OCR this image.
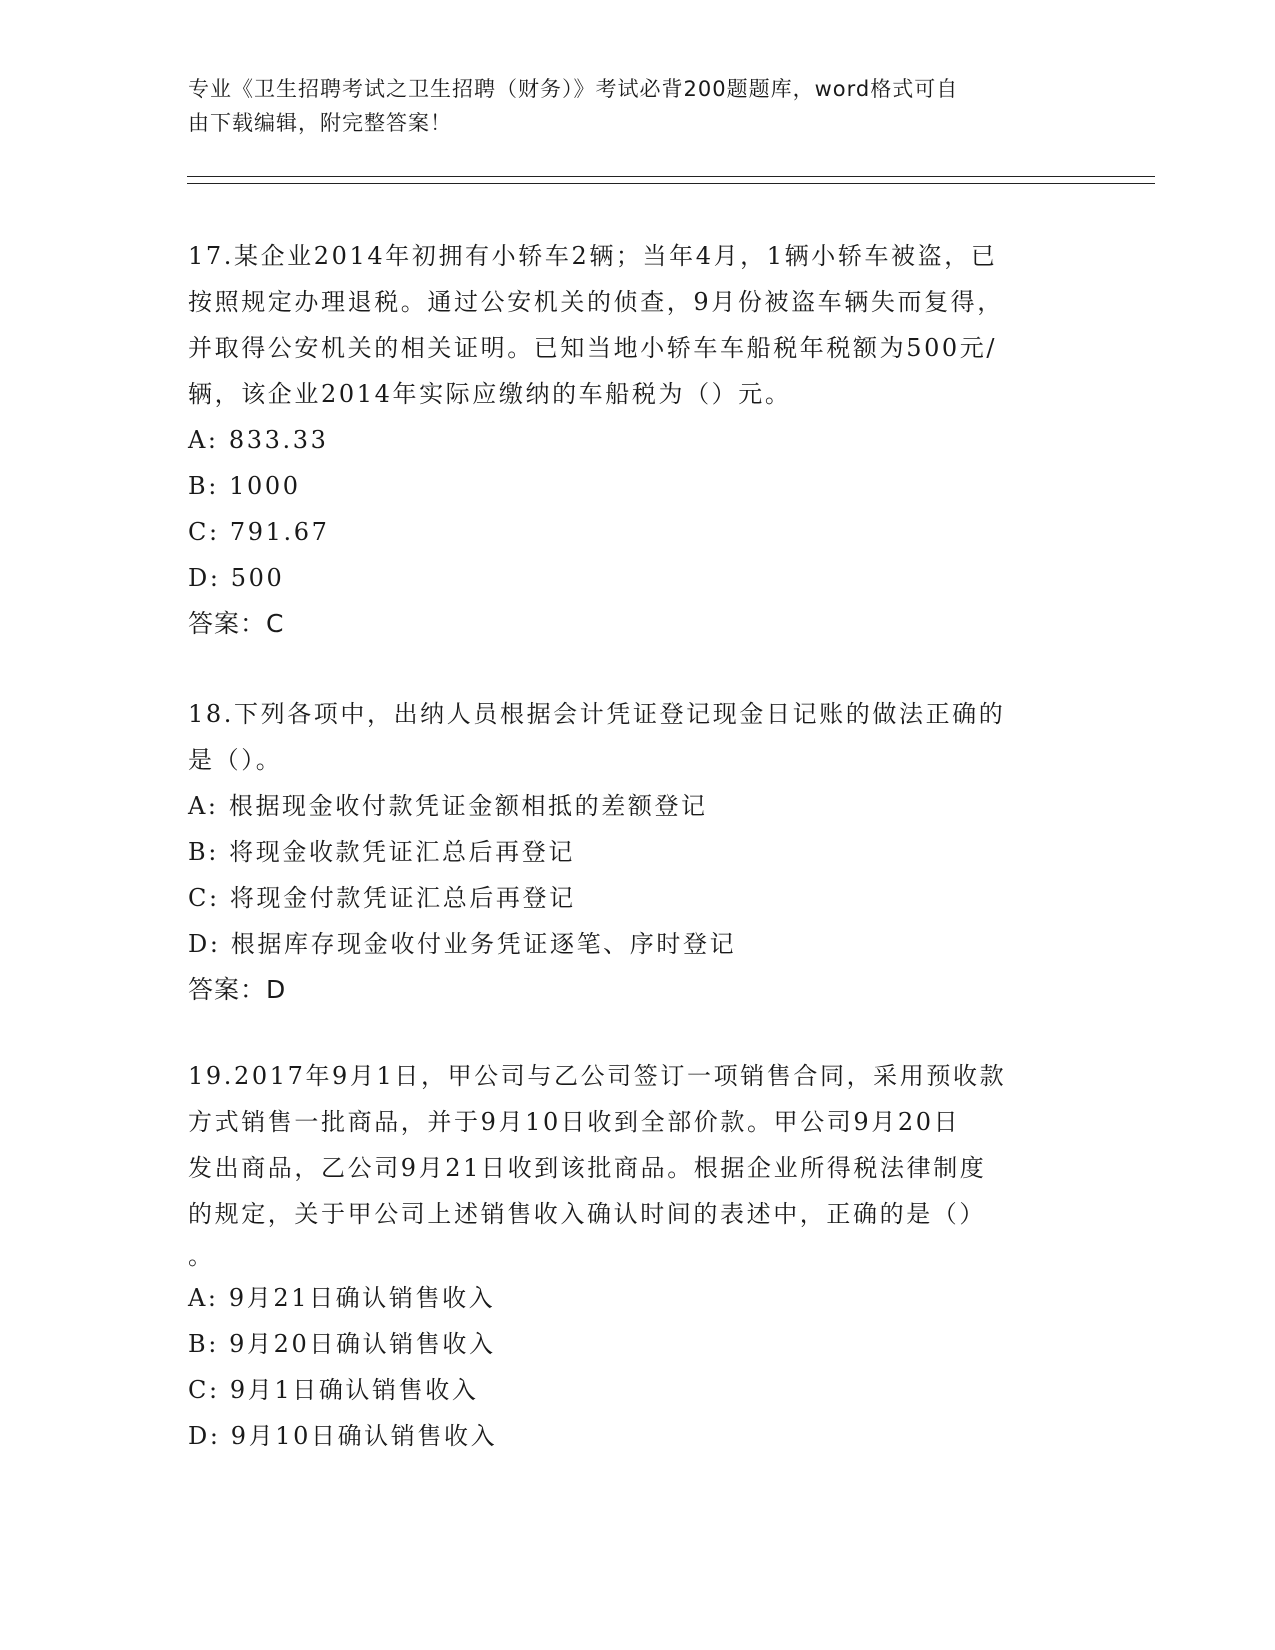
专业《卫生招聘考试之卫生招聘（财务）》考试必背200题题库，word格式可自
由下载编辑，附完整答案！

17.某企业2014年初拥有小轿车2辆；当年4月，1辆小轿车被盗，已

按照规定办理退税。通过公安机关的侦查，9月份被盗车辆失而复得，

并取得公安机关的相关证明。已知当地小轿车车船税年税额为500元/

辆，该企业2014年实际应缴纳的车船税为（）元。

A: 833.33
B: 1000
C: 791.67
D: 500

答案：C

18.下列各项中，出纳人员根据会计凭证登记现金日记账的做法正确的

是（）。

A: 根据现金收付款凭证金额相抵的差额登记
B: 将现金收款凭证汇总后再登记
C: 将现金付款凭证汇总后再登记
D: 根据库存现金收付业务凭证逐笔、序时登记

答案：D

19.2017年9月1日，甲公司与乙公司签订一项销售合同，采用预收款

方式销售一批商品，并于9月10日收到全部价款。甲公司9月20日

发出商品，乙公司9月21日收到该批商品。根据企业所得税法律制度

的规定，关于甲公司上述销售收入确认时间的表述中，正确的是（）

。

A: 9月21日确认销售收入
B: 9月20日确认销售收入
C: 9月1日确认销售收入
D: 9月10日确认销售收入
